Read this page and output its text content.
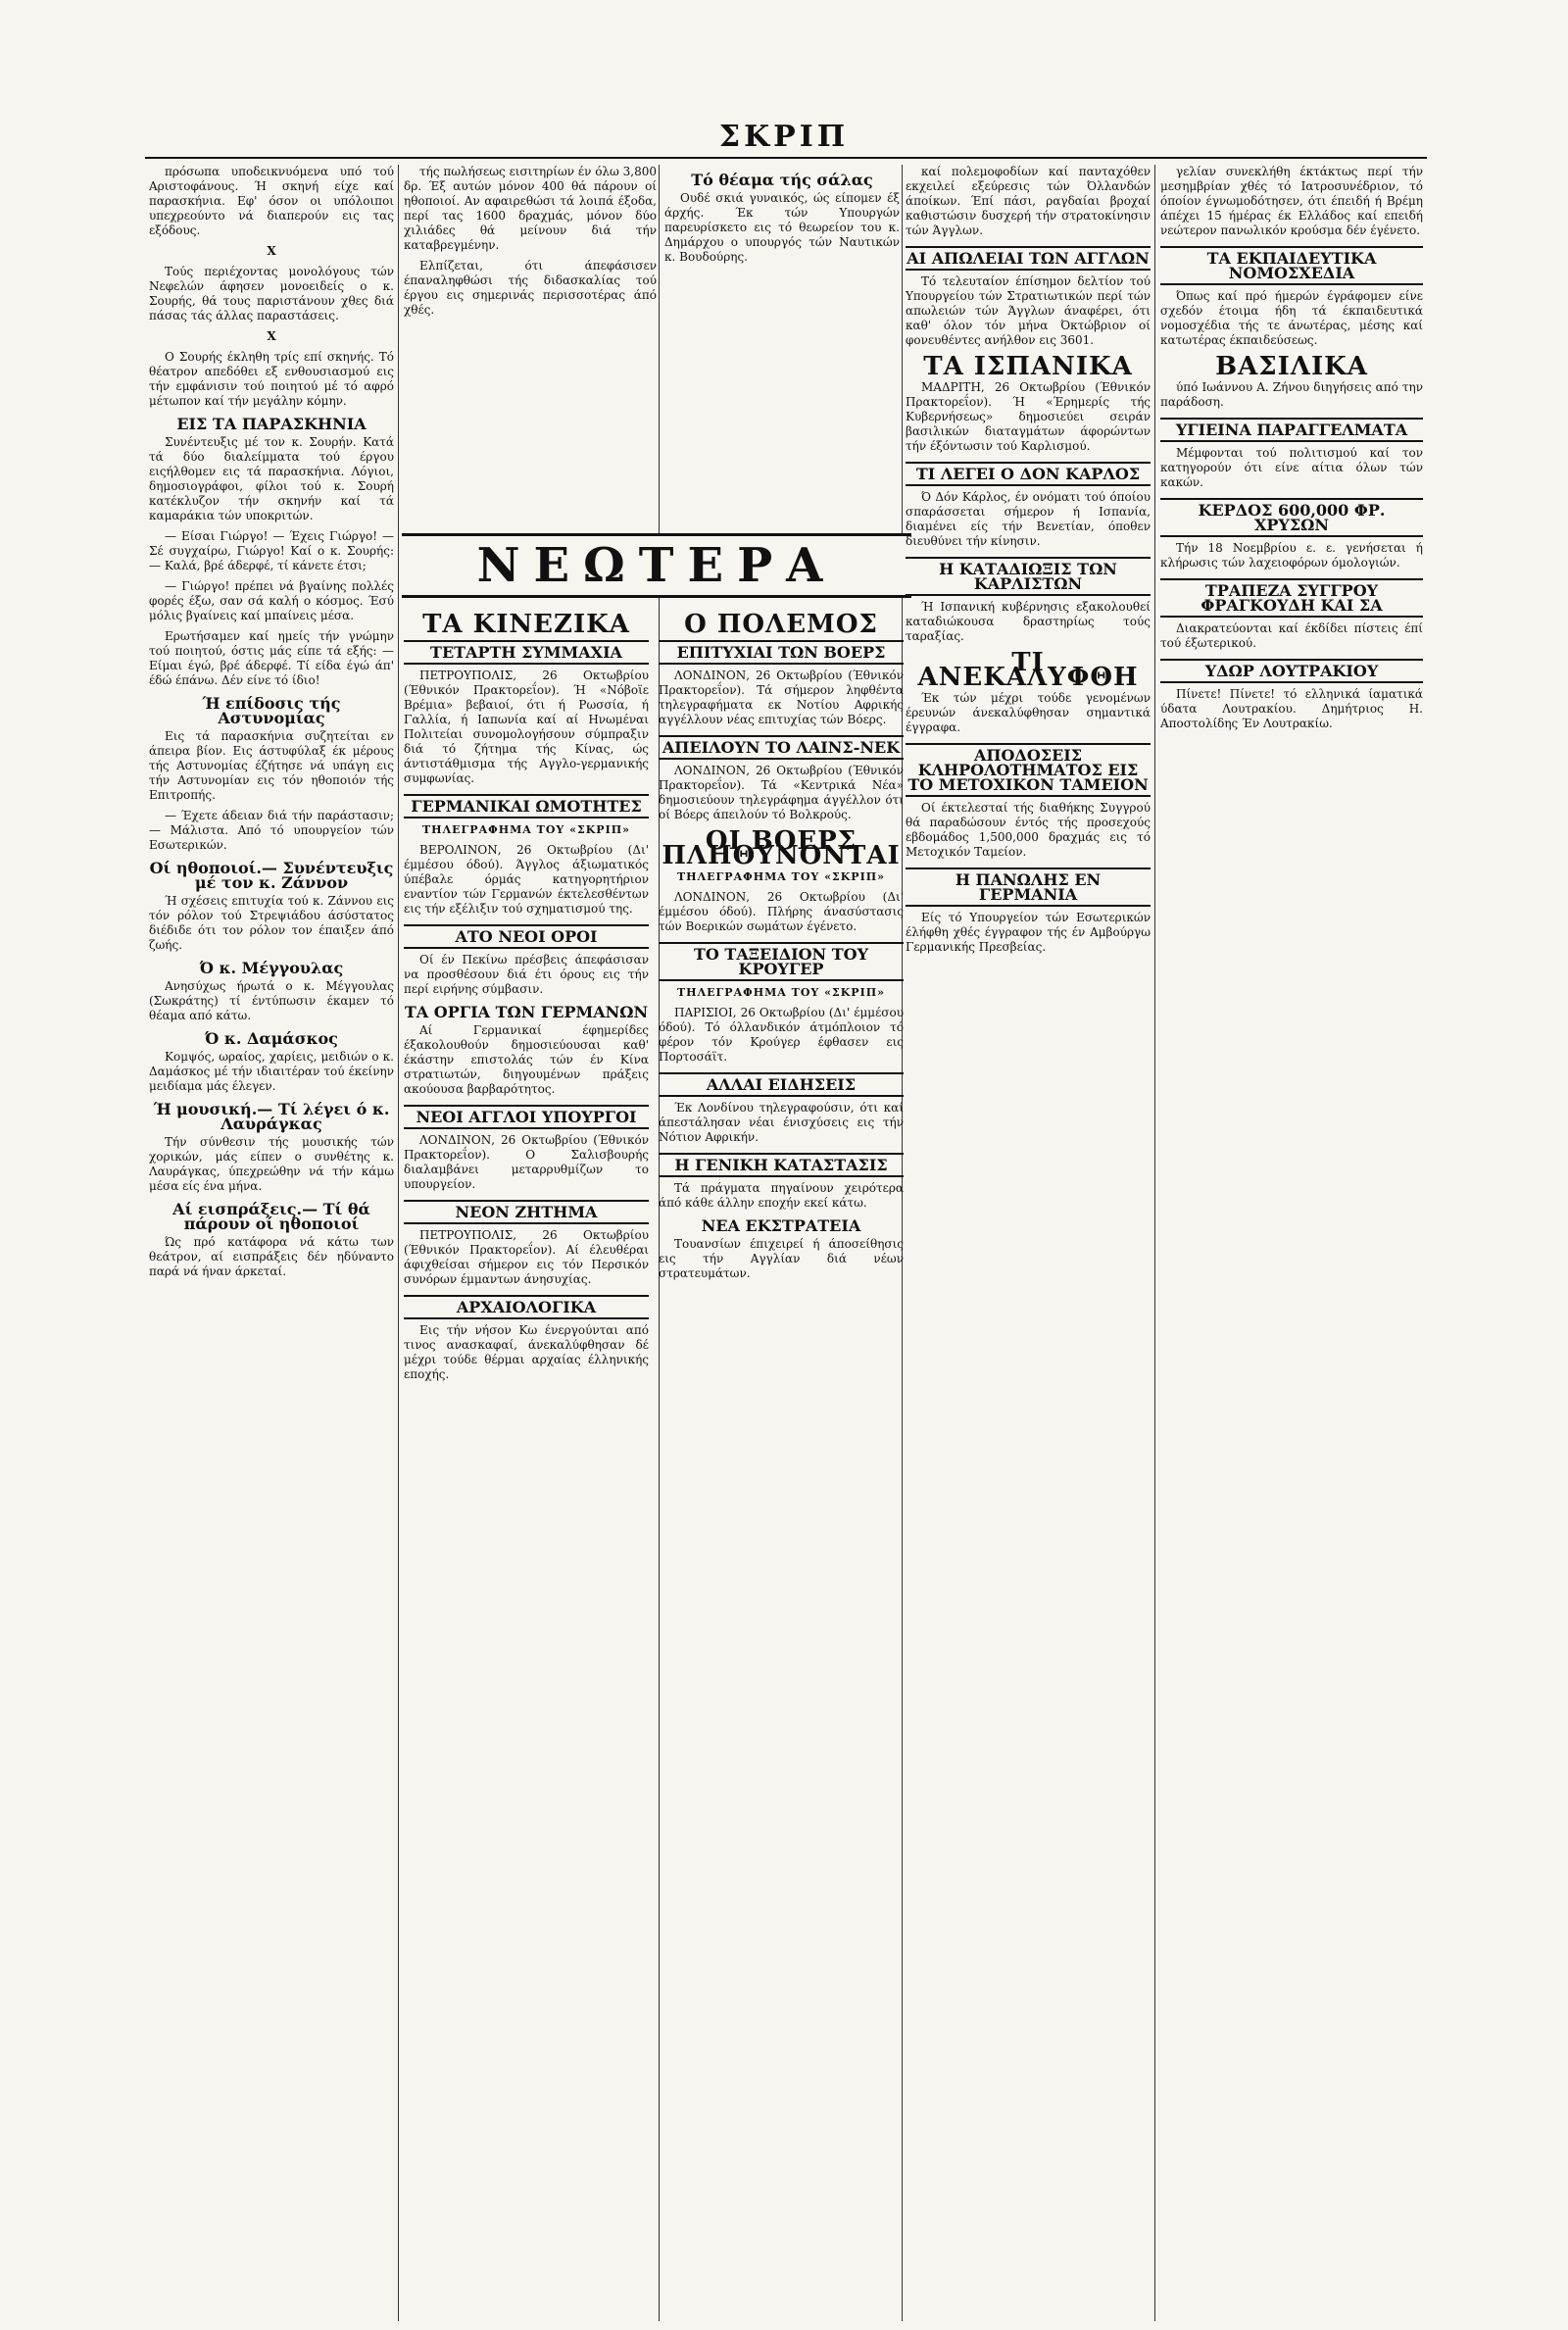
ΣΚΡΙΠ

πρόσωπα υποδεικνυόμενα υπό τού Αριστοφάνους. Ή σκηνή είχε καί παρασκήνια. Εφ' όσον οι υπόλοιποι υπεχρεούντο νά διαπερούν εις τας εξόδους.

X

Τούς περιέχοντας μονολόγους τών Νεφελών άφησεν μονοειδείς ο κ. Σουρής, θά τους παριστάνουν χθες διά πάσας τάς άλλας παραστάσεις.

X

Ο Σουρής έκληθη τρίς επί σκηνής. Τό θέατρον απεδόθει εξ ενθουσιασμού εις τήν εμφάνισιν τού ποιητού μέ τό αφρό μέτωπον καί τήν μεγάλην κόμην.

ΕΙΣ ΤΑ ΠΑΡΑΣΚΗΝΙΑ

Συνέντευξις μέ τον κ. Σουρήν. Κατά τά δύο διαλείμματα τού έργου ειςήλθομεν εις τά παρασκήνια. Λόγιοι, δημοσιογράφοι, φίλοι τού κ. Σουρή κατέκλυζον τήν σκηνήν καί τά καμαράκια τών υποκριτών.

— Είσαι Γιώργο! — Έχεις Γιώργο! — Σέ συγχαίρω, Γιώργο! Καί ο κ. Σουρής: — Καλά, βρέ άδερφέ, τί κάνετε έτσι;

— Γιώργο! πρέπει νά βγαίνης πολλές φορές έξω, σαν σά καλή ο κόσμος. Έσύ μόλις βγαίνεις καί μπαίνεις μέσα.

Ερωτήσαμεν καί ημείς τήν γνώμην τού ποιητού, όστις μάς είπε τά εξής: — Είμαι έγώ, βρέ άδερφέ. Τί είδα έγώ άπ' έδώ έπάνω. Δέν είνε τό ίδιο!

Ή επίδοσις τής Αστυνομίας

Εις τά παρασκήνια συζητείται εν άπειρα βίον. Εις άστυφύλαξ έκ μέρους τής Αστυνομίας έζήτησε νά υπάγη εις τήν Αστυνομίαν εις τόν ηθοποιόν τής Επιτροπής.

— Έχετε άδειαν διά τήν παράστασιν; — Μάλιστα. Από τό υπουργείον τών Εσωτερικών.

Οί ηθοποιοί.— Συνέντευξις μέ τον κ. Ζάννον

Ή σχέσεις επιτυχία τού κ. Ζάννου εις τόν ρόλον τού Στρεψιάδου άσύστατος διέδιδε ότι τον ρόλον τον έπαιξεν άπό ζωής.

Ό κ. Μέγγουλας

Ανησύχως ήρωτά ο κ. Μέγγουλας (Σωκράτης) τί έντύπωσιν έκαμεν τό θέαμα από κάτω.

Ό κ. Δαμάσκος

Κομψός, ωραίος, χαρίεις, μειδιών ο κ. Δαμάσκος μέ τήν ιδιαιτέραν τού έκείνην μειδίαμα μάς έλεγεν.

Ή μουσική.— Τί λέγει ό κ. Λαυράγκας

Τήν σύνθεσιν τής μουσικής τών χορικών, μάς είπεν ο συνθέτης κ. Λαυράγκας, ύπεχρεώθην νά τήν κάμω μέσα είς ένα μήνα.

Αί εισπράξεις.— Τί θά πάρουν οί ηθοποιοί

Ώς πρό κατάφορα νά κάτω των θεάτρον, αί εισπράξεις δέν ηδύναντο παρά νά ήναν άρκεταί.

τής πωλήσεως εισιτηρίων έν όλω 3,800 δρ. Έξ αυτών μόνον 400 θά πάρουν οί ηθοποιοί. Αν αφαιρεθώσι τά λοιπά έξοδα, περί τας 1600 δραχμάς, μόνον δύο χιλιάδες θά μείνουν διά τήν καταβρεγμένην.

Ελπίζεται, ότι άπεφάσισεν έπαναληφθώσι τής διδασκαλίας τού έργου εις σημερινάς περισσοτέρας άπό χθές.

Τό θέαμα τής σάλας

Ουδέ σκιά γυναικός, ώς είπομεν έξ άρχής. Έκ τών Υπουργών παρευρίσκετο εις τό θεωρείον του κ. Δημάρχου ο υπουργός τών Ναυτικών κ. Βουδούρης.

ΝΕΩΤΕΡΑ
ΤΑ ΚΙΝΕΖΙΚΑ
ΤΕΤΑΡΤΗ ΣΥΜΜΑΧΙΑ

ΠΕΤΡΟΥΠΟΛΙΣ, 26 Οκτωβρίου (Έθνικόν Πρακτορεΐον). Ή «Νόβοϊε Βρέμια» βεβαιοί, ότι ή Ρωσσία, ή Γαλλία, ή Ιαπωνία καί αί Ηνωμέναι Πολιτείαι συνομολογήσουν σύμπραξιν διά τό ζήτημα τής Κίνας, ώς άντιστάθμισμα τής Αγγλο-γερμανικής συμφωνίας.

ΓΕΡΜΑΝΙΚΑΙ ΩΜΟΤΗΤΕΣ
ΤΗΛΕΓΡΑΦΗΜΑ ΤΟΥ «ΣΚΡΙΠ»

ΒΕΡΟΛΙΝΟΝ, 26 Οκτωβρίου (Δι' έμμέσου όδού). Άγγλος άξιωματικός ύπέβαλε όρμάς κατηγορητήριον εναντίον τών Γερμανών έκτελεσθέντων εις τήν εξέλιξιν τού σχηματισμού της.

ΑΤΟ ΝΕΟΙ ΟΡΟΙ

Οί έν Πεκίνω πρέσβεις άπεφάσισαν να προσθέσουν διά έτι όρους εις τήν περί ειρήνης σύμβασιν.

ΤΑ ΟΡΓΙΑ ΤΩΝ ΓΕΡΜΑΝΩΝ

Αί Γερμανικαί έφημερίδες έξακολουθούν δημοσιεύουσαι καθ' έκάστην επιστολάς τών έν Κίνα στρατιωτών, διηγουμένων πράξεις ακούουσα βαρβαρότητος.

ΝΕΟΙ ΑΓΓΛΟΙ ΥΠΟΥΡΓΟΙ

ΛΟΝΔΙΝΟΝ, 26 Οκτωβρίου (Έθνικόν Πρακτορεΐον). Ο Σαλισβουρής διαλαμβάνει μεταρρυθμίζων το υπουργείον.

ΝΕΟΝ ΖΗΤΗΜΑ

ΠΕΤΡΟΥΠΟΛΙΣ, 26 Οκτωβρίου (Έθνικόν Πρακτορεΐον). Αί έλευθέραι άφιχθείσαι σήμερον εις τόν Περσικόν συνόρων έμμαντων άνησυχίας.

ΑΡΧΑΙΟΛΟΓΙΚΑ

Εις τήν νήσον Κω ένεργούνται από τινος ανασκαφαί, άνεκαλύφθησαν δέ μέχρι τούδε θέρμαι αρχαίας έλληνικής εποχής.

Ο ΠΟΛΕΜΟΣ
ΕΠΙΤΥΧΙΑΙ ΤΩΝ ΒΟΕΡΣ

ΛΟΝΔΙΝΟΝ, 26 Οκτωβρίου (Έθνικόν Πρακτορεΐον). Τά σήμερον ληφθέντα τηλεγραφήματα εκ Νοτίου Αφρικής αγγέλλουν νέας επιτυχίας τών Βόερς.

ΑΠΕΙΛΟΥΝ ΤΟ ΛΑΙΝΣ-ΝΕΚ

ΛΟΝΔΙΝΟΝ, 26 Οκτωβρίου (Έθνικόν Πρακτορεΐον). Τά «Κεντρικά Νέα» δημοσιεύουν τηλεγράφημα άγγέλλον ότι οί Βόερς άπειλούν τό Βολκρούς.

ΟΙ ΒΟΕΡΣ ΠΛΗΘΥΝΟΝΤΑΙ
ΤΗΛΕΓΡΑΦΗΜΑ ΤΟΥ «ΣΚΡΙΠ»

ΛΟΝΔΙΝΟΝ, 26 Οκτωβρίου (Δι' έμμέσου όδού). Πλήρης άνασύστασις τών Βοερικών σωμάτων έγένετο.

ΤΟ ΤΑΞΕΙΔΙΟΝ ΤΟΥ ΚΡΟΥΓΕΡ
ΤΗΛΕΓΡΑΦΗΜΑ ΤΟΥ «ΣΚΡΙΠ»

ΠΑΡΙΣΙΟΙ, 26 Οκτωβρίου (Δι' έμμέσου όδού). Τό όλλανδικόν άτμόπλοιον τό φέρον τόν Κρούγερ έφθασεν εις Πορτοσάϊτ.

ΑΛΛΑΙ ΕΙΔΗΣΕΙΣ

Έκ Λονδίνου τηλεγραφούσιν, ότι καί άπεστάλησαν νέαι ένισχύσεις εις τήν Νότιον Αφρικήν.

Η ΓΕΝΙΚΗ ΚΑΤΑΣΤΑΣΙΣ

Τά πράγματα πηγαίνουν χειρότερα άπό κάθε άλλην εποχήν εκεί κάτω.

ΝΕΑ ΕΚΣΤΡΑΤΕΙΑ

Τουανσίων έπιχειρεί ή άποσείθησις εις τήν Αγγλίαν διά νέων στρατευμάτων.

καί πολεμοφοδίων καί πανταχόθεν εκχειλεί εξεύρεσις τών Όλλανδών άποίκων. Έπί πάσι, ραγδαίαι βροχαί καθιστώσιν δυσχερή τήν στρατοκίνησιν τών Άγγλων.

ΑΙ ΑΠΩΛΕΙΑΙ ΤΩΝ ΑΓΓΛΩΝ

Τό τελευταίον έπίσημον δελτίον τού Υπουργείου τών Στρατιωτικών περί τών απωλειών τών Άγγλων άναφέρει, ότι καθ' όλον τόν μήνα Όκτώβριον οί φονευθέντες ανήλθον εις 3601.

ΤΑ ΙΣΠΑΝΙΚΑ

ΜΑΔΡΙΤΗ, 26 Οκτωβρίου (Έθνικόν Πρακτορεΐον). Ή «Έρημερίς τής Κυβερνήσεως» δημοσιεύει σειράν βασιλικών διαταγμάτων άφορώντων τήν έξόντωσιν τού Καρλισμού.

ΤΙ ΛΕΓΕΙ Ο ΔΟΝ ΚΑΡΛΟΣ

Ό Δόν Κάρλος, έν ονόματι τού όποίου σπαράσσεται σήμερον ή Ισπανία, διαμένει είς τήν Βενετίαν, όποθεν διευθύνει τήν κίνησιν.

Η ΚΑΤΑΔΙΩΞΙΣ ΤΩΝ ΚΑΡΛΙΣΤΩΝ

Ή Ισπανική κυβέρνησις εξακολουθεί καταδιώκουσα δραστηρίως τούς ταραξίας.

ΤΙ ΑΝΕΚΑΛΥΦΘΗ

Έκ τών μέχρι τούδε γενομένων έρευνών άνεκαλύφθησαν σημαντικά έγγραφα.

ΑΠΟΔΟΣΕΙΣ ΚΛΗΡΟΛΟΤΗΜΑΤΟΣ ΕΙΣ ΤΟ ΜΕΤΟΧΙΚΟΝ ΤΑΜΕΙΟΝ

Οί έκτελεσταί τής διαθήκης Συγγρού θά παραδώσουν έντός τής προσεχούς εβδομάδος 1,500,000 δραχμάς εις τό Μετοχικόν Ταμείον.

Η ΠΑΝΩΛΗΣ ΕΝ ΓΕΡΜΑΝΙΑ

Είς τό Υπουργείον τών Εσωτερικών έλήφθη χθές έγγραφον τής έν Αμβούργω Γερμανικής Πρεσβείας.

γελίαν συνεκλήθη έκτάκτως περί τήν μεσημβρίαν χθές τό Ιατροσυνέδριον, τό όποίον έγνωμοδότησεν, ότι έπειδή ή Βρέμη άπέχει 15 ήμέρας έκ Ελλάδος καί επειδή νεώτερον πανωλικόν κρούσμα δέν έγένετο.

ΤΑ ΕΚΠΑΙΔΕΥΤΙΚΑ ΝΟΜΟΣΧΕΔΙΑ

Όπως καί πρό ήμερών έγράφομεν είνε σχεδόν έτοιμα ήδη τά έκπαιδευτικά νομοσχέδια τής τε άνωτέρας, μέσης καί κατωτέρας έκπαιδεύσεως.

ΒΑΣΙΛΙΚΑ

ύπό Ιωάννου Α. Ζήνου διηγήσεις από την παράδοση.

ΥΓΙΕΙΝΑ ΠΑΡΑΓΓΕΛΜΑΤΑ

Μέμφονται τού πολιτισμού καί τον κατηγορούν ότι είνε αίτια όλων τών κακών.

ΚΕΡΔΟΣ 600,000 ΦΡ. ΧΡΥΣΩΝ

Τήν 18 Νοεμβρίου ε. ε. γενήσεται ή κλήρωσις τών λαχειοφόρων όμολογιών.

ΤΡΑΠΕΖΑ ΣΥΓΓΡΟΥ ΦΡΑΓΚΟΥΔΗ ΚΑΙ ΣΑ

Διακρατεύονται καί έκδίδει πίστεις έπί τού έξωτερικού.

ΥΔΩΡ ΛΟΥΤΡΑΚΙΟΥ

Πίνετε! Πίνετε! τό ελληνικά ίαματικά ύδατα Λουτρακίου. Δημήτριος Η. Αποστολίδης Έν Λουτρακίω.
